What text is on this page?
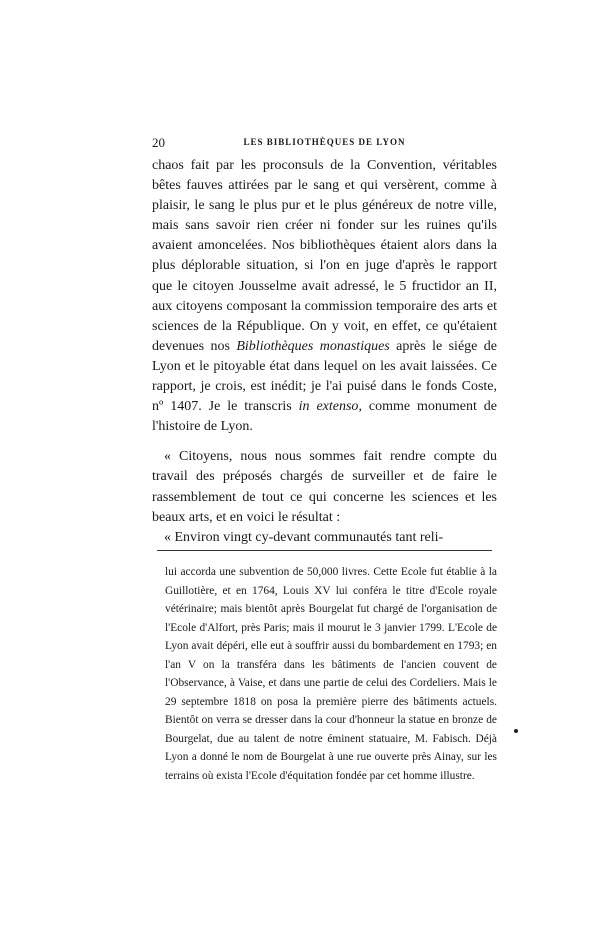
20	LES BIBLIOTHÈQUES DE LYON

chaos fait par les proconsuls de la Convention, véritables bêtes fauves attirées par le sang et qui versèrent, comme à plaisir, le sang le plus pur et le plus généreux de notre ville, mais sans savoir rien créer ni fonder sur les ruines qu'ils avaient amoncelées. Nos bibliothèques étaient alors dans la plus déplorable situation, si l'on en juge d'après le rapport que le citoyen Jousselme avait adressé, le 5 fructidor an II, aux citoyens composant la commission temporaire des arts et sciences de la République. On y voit, en effet, ce qu'étaient devenues nos Bibliothèques monastiques après le siége de Lyon et le pitoyable état dans lequel on les avait laissées. Ce rapport, je crois, est inédit; je l'ai puisé dans le fonds Coste, nº 1407. Je le transcris in extenso, comme monument de l'histoire de Lyon.

« Citoyens, nous nous sommes fait rendre compte du travail des préposés chargés de surveiller et de faire le rassemblement de tout ce qui concerne les sciences et les beaux arts, et en voici le résultat :

« Environ vingt cy-devant communautés tant reli-

lui accorda une subvention de 50,000 livres. Cette Ecole fut établie à la Guillotière, et en 1764, Louis XV lui conféra le titre d'Ecole royale vétérinaire; mais bientôt après Bourgelat fut chargé de l'organisation de l'Ecole d'Alfort, près Paris; mais il mourut le 3 janvier 1799. L'Ecole de Lyon avait dépéri, elle eut à souffrir aussi du bombardement en 1793; en l'an V on la transféra dans les bâtiments de l'ancien couvent de l'Observance, à Vaise, et dans une partie de celui des Cordeliers. Mais le 29 septembre 1818 on posa la première pierre des bâtiments actuels. Bientôt on verra se dresser dans la cour d'honneur la statue en bronze de Bourgelat, due au talent de notre éminent statuaire, M. Fabisch. Déjà Lyon a donné le nom de Bourgelat à une rue ouverte près Ainay, sur les terrains où exista l'Ecole d'équitation fondée par cet homme illustre.
